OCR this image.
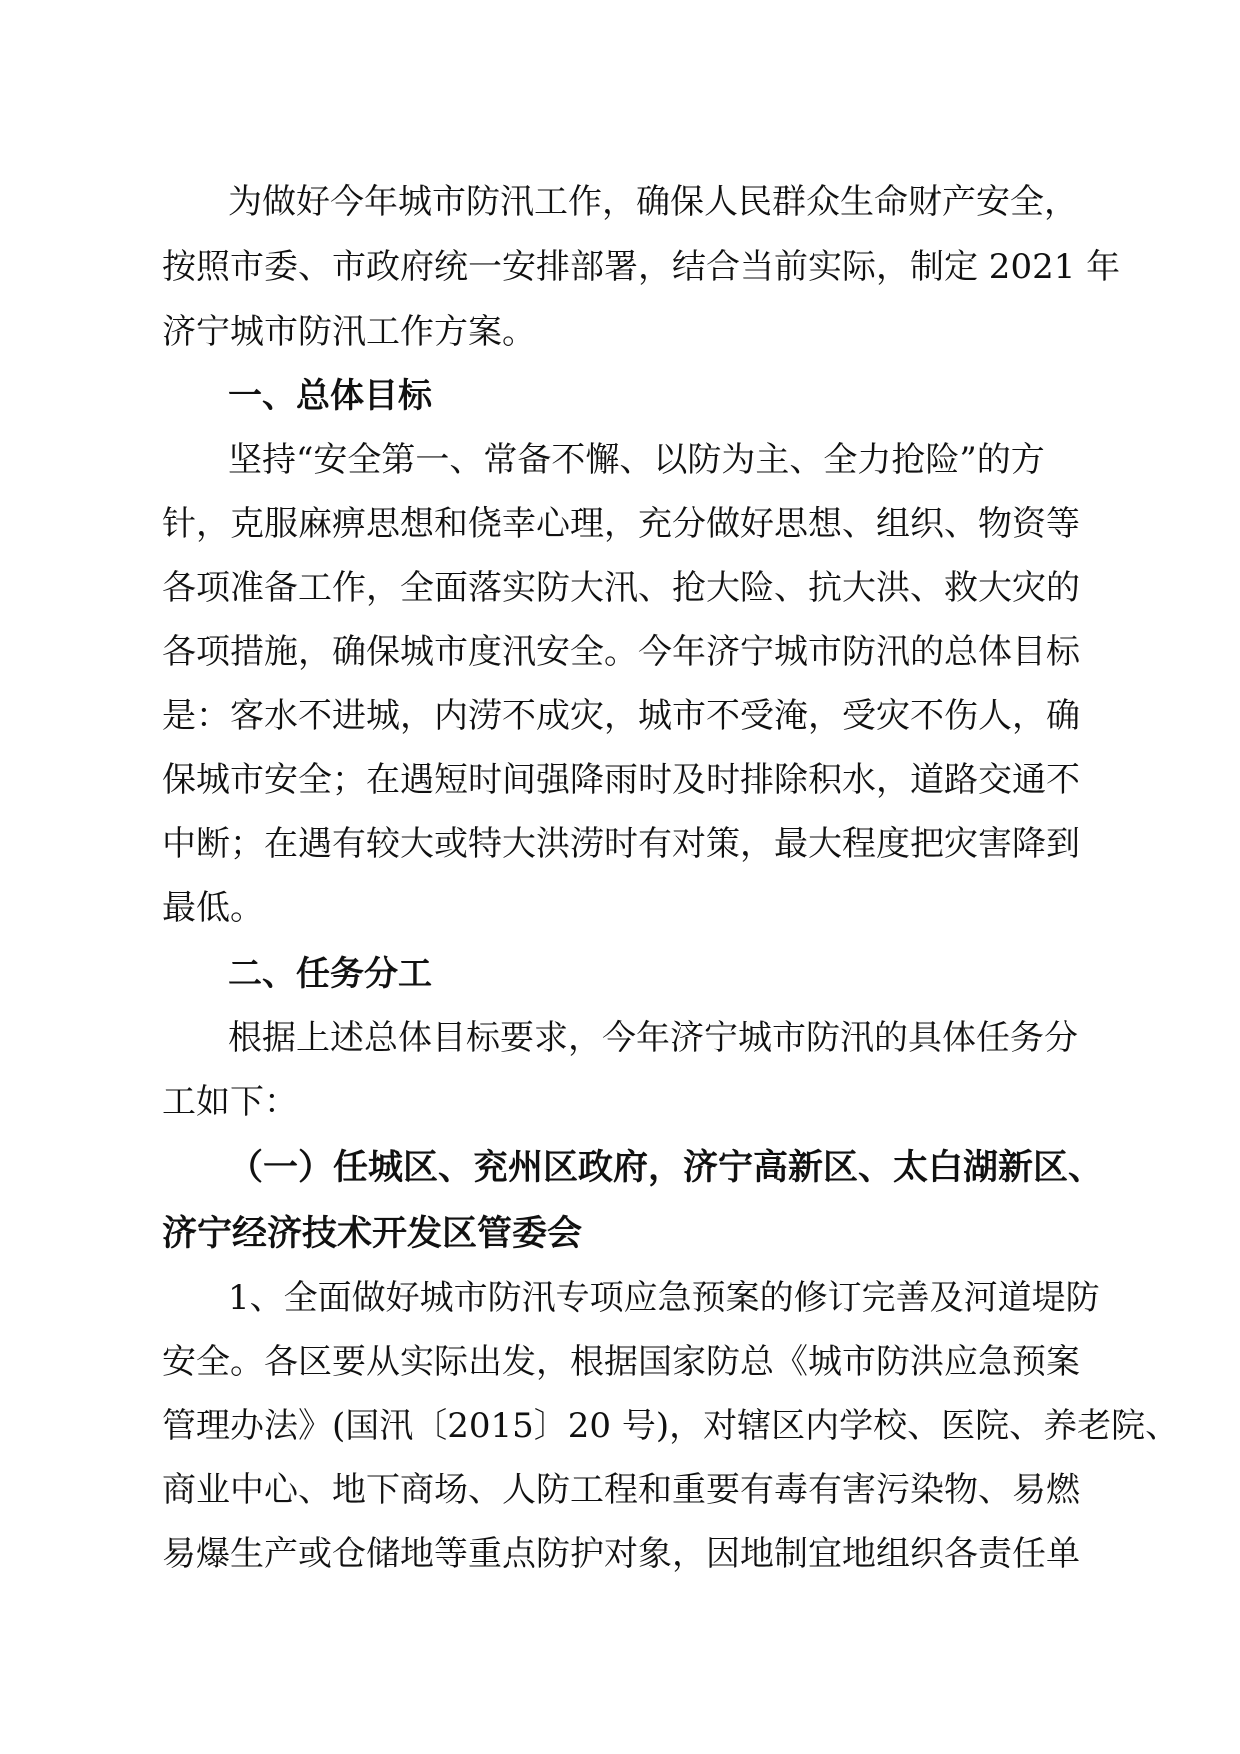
为做好今年城市防汛工作，确保人民群众生命财产安全，
按照市委、市政府统一安排部署，结合当前实际，制定 2021 年
济宁城市防汛工作方案。
一、总体目标
坚持“安全第一、常备不懈、以防为主、全力抢险”的方
针，克服麻痹思想和侥幸心理，充分做好思想、组织、物资等
各项准备工作，全面落实防大汛、抢大险、抗大洪、救大灾的
各项措施，确保城市度汛安全。今年济宁城市防汛的总体目标
是：客水不进城，内涝不成灾，城市不受淹，受灾不伤人，确
保城市安全；在遇短时间强降雨时及时排除积水，道路交通不
中断；在遇有较大或特大洪涝时有对策，最大程度把灾害降到
最低。
二、任务分工
根据上述总体目标要求，今年济宁城市防汛的具体任务分
工如下：
（一）任城区、兖州区政府，济宁高新区、太白湖新区、
济宁经济技术开发区管委会
1、全面做好城市防汛专项应急预案的修订完善及河道堤防
安全。各区要从实际出发，根据国家防总《城市防洪应急预案
管理办法》(国汛〔2015〕20 号)，对辖区内学校、医院、养老院、
商业中心、地下商场、人防工程和重要有毒有害污染物、易燃
易爆生产或仓储地等重点防护对象，因地制宜地组织各责任单
